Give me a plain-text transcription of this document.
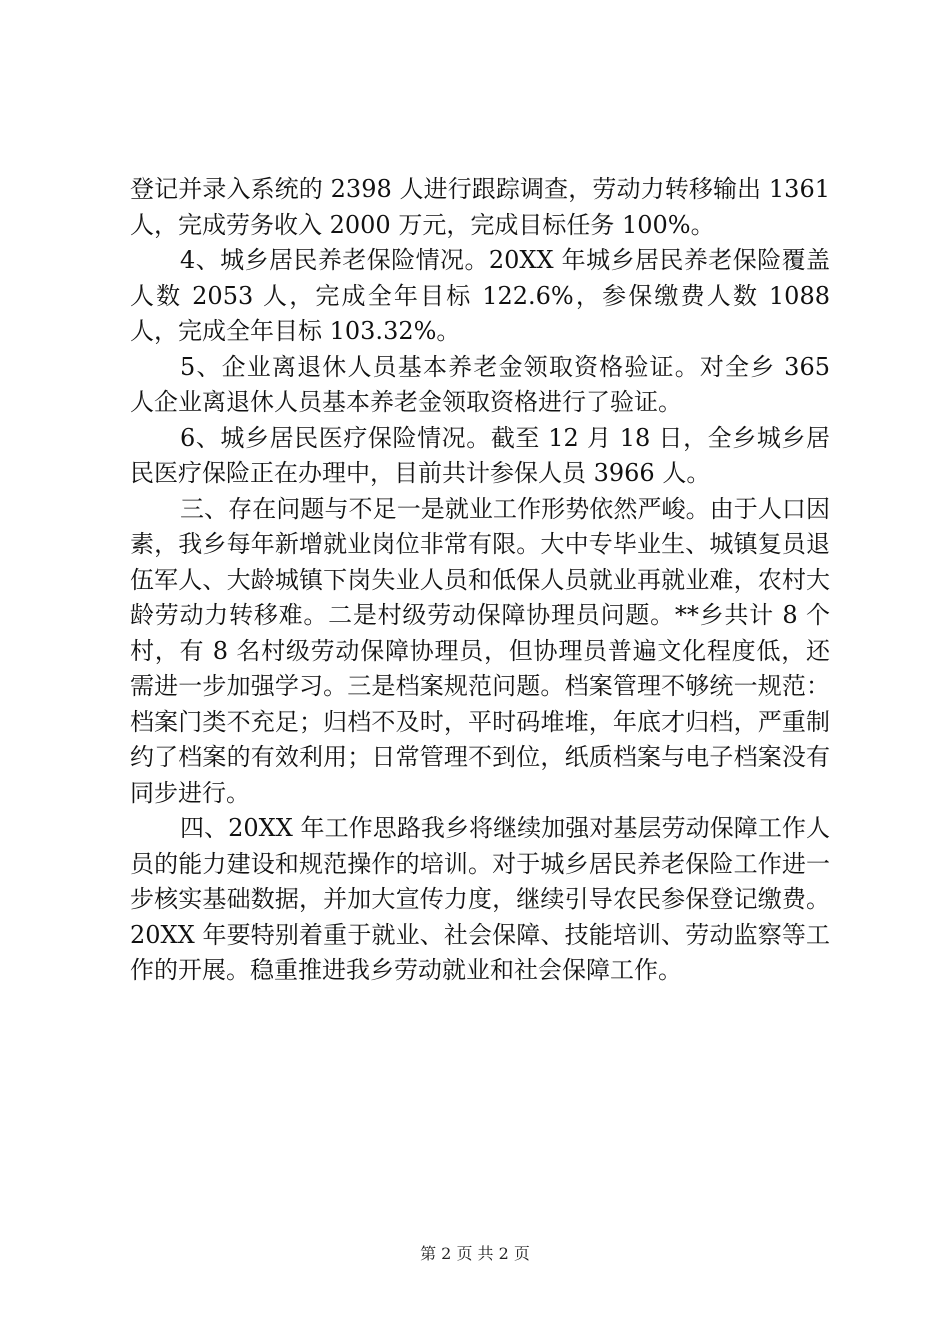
登记并录入系统的 2398 人进行跟踪调查，劳动力转移输出 1361 人，完成劳务收入 2000 万元，完成目标任务 100%。

4、城乡居民养老保险情况。20XX 年城乡居民养老保险覆盖人数 2053 人，完成全年目标 122.6%，参保缴费人数 1088 人，完成全年目标 103.32%。

5、企业离退休人员基本养老金领取资格验证。对全乡 365 人企业离退休人员基本养老金领取资格进行了验证。

6、城乡居民医疗保险情况。截至 12 月 18 日，全乡城乡居民医疗保险正在办理中，目前共计参保人员 3966 人。

三、存在问题与不足一是就业工作形势依然严峻。由于人口因素，我乡每年新增就业岗位非常有限。大中专毕业生、城镇复员退伍军人、大龄城镇下岗失业人员和低保人员就业再就业难，农村大龄劳动力转移难。二是村级劳动保障协理员问题。**乡共计 8 个村，有 8 名村级劳动保障协理员，但协理员普遍文化程度低，还需进一步加强学习。三是档案规范问题。档案管理不够统一规范：档案门类不充足；归档不及时，平时码堆堆，年底才归档，严重制约了档案的有效利用；日常管理不到位，纸质档案与电子档案没有同步进行。

四、20XX 年工作思路我乡将继续加强对基层劳动保障工作人员的能力建设和规范操作的培训。对于城乡居民养老保险工作进一步核实基础数据，并加大宣传力度，继续引导农民参保登记缴费。20XX 年要特别着重于就业、社会保障、技能培训、劳动监察等工作的开展。稳重推进我乡劳动就业和社会保障工作。

第 2 页 共 2 页
